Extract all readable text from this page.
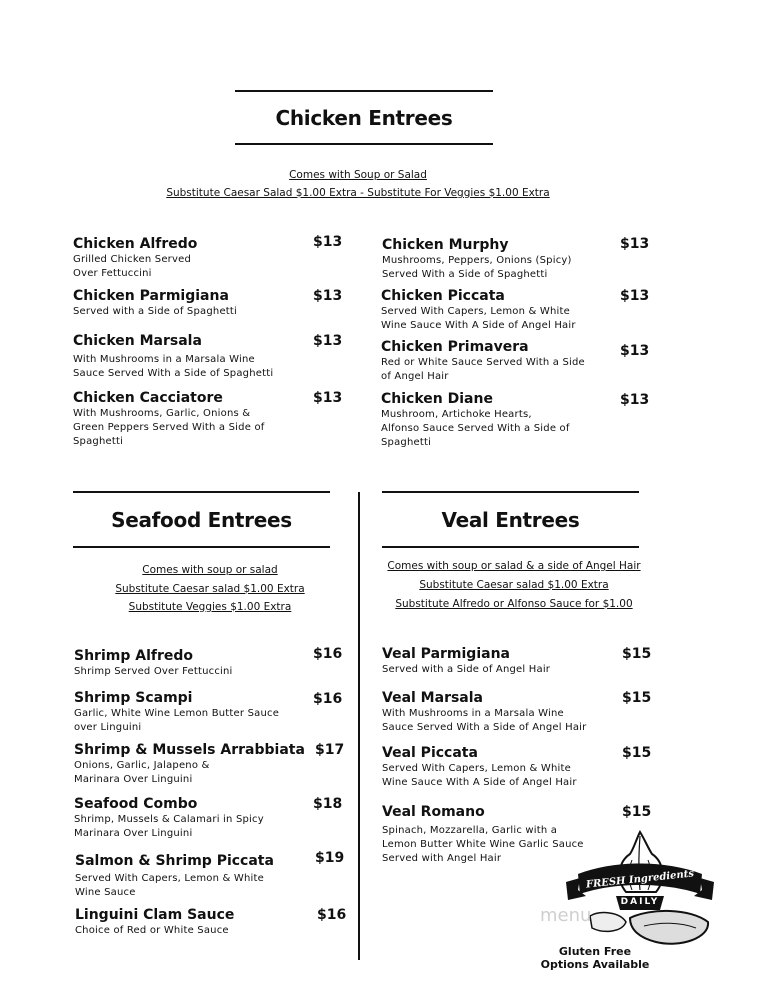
Chicken Entrees
Comes with Soup or Salad
Substitute Caesar Salad $1.00 Extra - Substitute For Veggies $1.00 Extra
Chicken Alfredo
Grilled Chicken Served
Over Fettuccini
$13
Chicken Parmigiana
Served with a Side of Spaghetti
$13
Chicken Marsala
With Mushrooms in a Marsala Wine
Sauce Served With a Side of Spaghetti
$13
Chicken Cacciatore
With Mushrooms, Garlic, Onions &
Green Peppers Served With a Side of
Spaghetti
$13
Chicken Murphy
Mushrooms, Peppers, Onions (Spicy)
Served With a Side of Spaghetti
$13
Chicken Piccata
Served With Capers, Lemon & White
Wine Sauce With A Side of Angel Hair
$13
Chicken Primavera
Red or White Sauce Served With a Side
of Angel Hair
$13
Chicken Diane
Mushroom, Artichoke Hearts,
Alfonso Sauce Served With a Side of
Spaghetti
$13
Seafood Entrees
Comes with soup or salad
Substitute Caesar salad $1.00 Extra
Substitute Veggies $1.00 Extra
Shrimp Alfredo
Shrimp Served Over Fettuccini
$16
Shrimp Scampi
Garlic, White Wine Lemon Butter Sauce
over Linguini
$16
Shrimp & Mussels Arrabbiata
Onions, Garlic, Jalapeno &
Marinara Over Linguini
$17
Seafood Combo
Shrimp, Mussels & Calamari in Spicy
Marinara Over Linguini
$18
Salmon & Shrimp Piccata
Served With Capers, Lemon & White
Wine Sauce
$19
Linguini Clam Sauce
Choice of Red or White Sauce
$16
Veal Entrees
Comes with soup or salad & a side of Angel Hair
Substitute Caesar salad $1.00 Extra
Substitute Alfredo or Alfonso Sauce for $1.00
Veal Parmigiana
Served with a Side of Angel Hair
$15
Veal Marsala
With Mushrooms in a Marsala Wine
Sauce Served With a Side of Angel Hair
$15
Veal Piccata
Served With Capers, Lemon & White
Wine Sauce With A Side of Angel Hair
$15
Veal Romano
Spinach, Mozzarella, Garlic with a
Lemon Butter White Wine Garlic Sauce
Served with Angel Hair
$15
FRESH Ingredients
DAILY
menu
Gluten Free
Options Available
